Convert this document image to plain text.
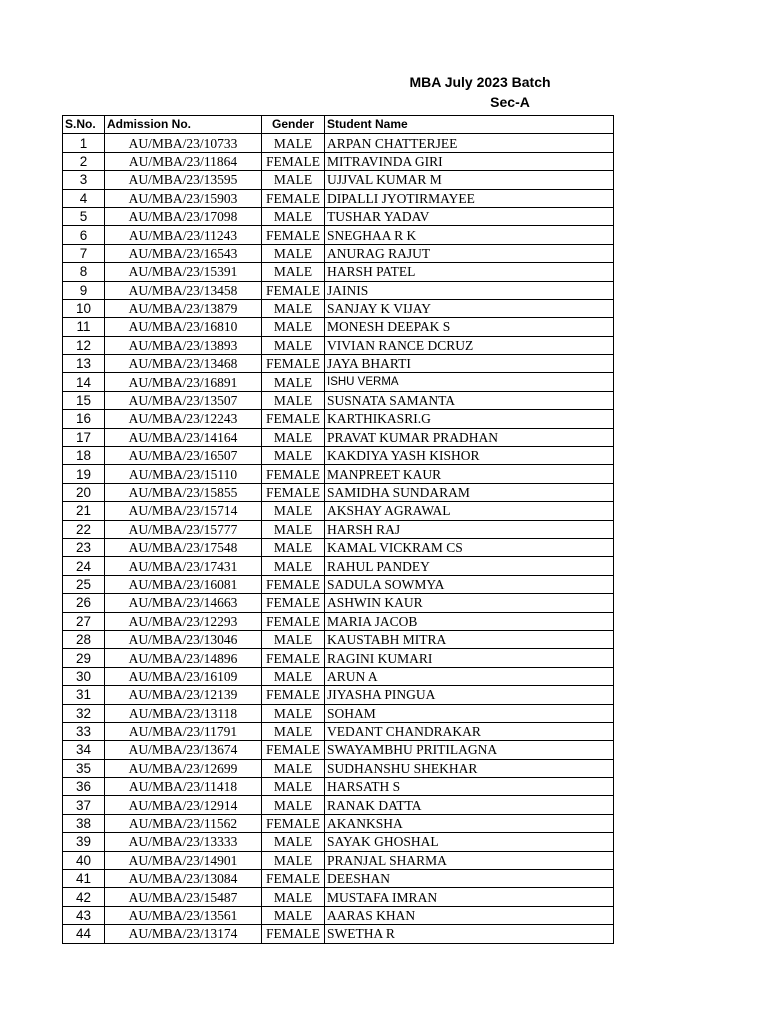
MBA July 2023 Batch
Sec-A
S.No.	Admission No.	Gender	Student Name
1	AU/MBA/23/10733	MALE	ARPAN CHATTERJEE
2	AU/MBA/23/11864	FEMALE	MITRAVINDA GIRI
3	AU/MBA/23/13595	MALE	UJJVAL KUMAR M
4	AU/MBA/23/15903	FEMALE	DIPALLI JYOTIRMAYEE
5	AU/MBA/23/17098	MALE	TUSHAR YADAV
6	AU/MBA/23/11243	FEMALE	SNEGHAA R K
7	AU/MBA/23/16543	MALE	ANURAG RAJUT
8	AU/MBA/23/15391	MALE	HARSH PATEL
9	AU/MBA/23/13458	FEMALE	JAINIS
10	AU/MBA/23/13879	MALE	SANJAY K VIJAY
11	AU/MBA/23/16810	MALE	MONESH DEEPAK S
12	AU/MBA/23/13893	MALE	VIVIAN RANCE DCRUZ
13	AU/MBA/23/13468	FEMALE	JAYA BHARTI
14	AU/MBA/23/16891	MALE	ISHU VERMA
15	AU/MBA/23/13507	MALE	SUSNATA SAMANTA
16	AU/MBA/23/12243	FEMALE	KARTHIKASRI.G
17	AU/MBA/23/14164	MALE	PRAVAT KUMAR PRADHAN
18	AU/MBA/23/16507	MALE	KAKDIYA YASH KISHOR
19	AU/MBA/23/15110	FEMALE	MANPREET KAUR
20	AU/MBA/23/15855	FEMALE	SAMIDHA SUNDARAM
21	AU/MBA/23/15714	MALE	AKSHAY AGRAWAL
22	AU/MBA/23/15777	MALE	HARSH RAJ
23	AU/MBA/23/17548	MALE	KAMAL VICKRAM CS
24	AU/MBA/23/17431	MALE	RAHUL PANDEY
25	AU/MBA/23/16081	FEMALE	SADULA SOWMYA
26	AU/MBA/23/14663	FEMALE	ASHWIN KAUR
27	AU/MBA/23/12293	FEMALE	MARIA JACOB
28	AU/MBA/23/13046	MALE	KAUSTABH MITRA
29	AU/MBA/23/14896	FEMALE	RAGINI KUMARI
30	AU/MBA/23/16109	MALE	ARUN A
31	AU/MBA/23/12139	FEMALE	JIYASHA PINGUA
32	AU/MBA/23/13118	MALE	SOHAM
33	AU/MBA/23/11791	MALE	VEDANT CHANDRAKAR
34	AU/MBA/23/13674	FEMALE	SWAYAMBHU PRITILAGNA
35	AU/MBA/23/12699	MALE	SUDHANSHU SHEKHAR
36	AU/MBA/23/11418	MALE	HARSATH S
37	AU/MBA/23/12914	MALE	RANAK DATTA
38	AU/MBA/23/11562	FEMALE	AKANKSHA
39	AU/MBA/23/13333	MALE	SAYAK GHOSHAL
40	AU/MBA/23/14901	MALE	PRANJAL SHARMA
41	AU/MBA/23/13084	FEMALE	DEESHAN
42	AU/MBA/23/15487	MALE	MUSTAFA IMRAN
43	AU/MBA/23/13561	MALE	AARAS KHAN
44	AU/MBA/23/13174	FEMALE	SWETHA R
